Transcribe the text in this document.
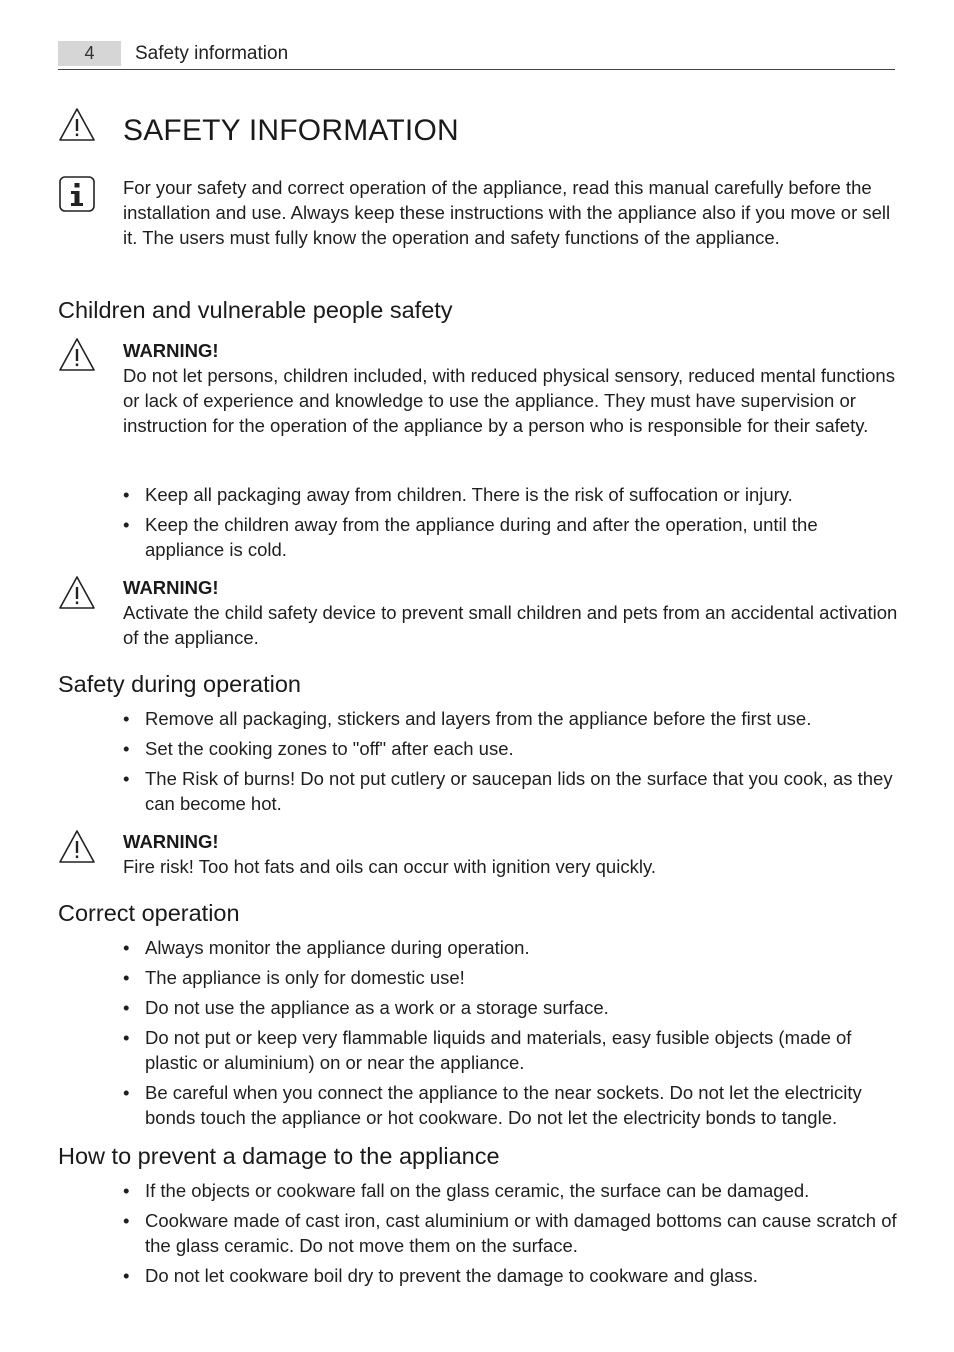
4	Safety information
SAFETY INFORMATION
For your safety and correct operation of the appliance, read this manual carefully before the installation and use. Always keep these instructions with the appliance also if you move or sell it. The users must fully know the operation and safety functions of the appliance.
Children and vulnerable people safety
WARNING!
Do not let persons, children included, with reduced physical sensory, reduced mental functions or lack of experience and knowledge to use the appliance. They must have supervision or instruction for the operation of the appliance by a person who is responsible for their safety.
• Keep all packaging away from children. There is the risk of suffocation or injury.
• Keep the children away from the appliance during and after the operation, until the appliance is cold.
WARNING!
Activate the child safety device to prevent small children and pets from an accidental activation of the appliance.
Safety during operation
• Remove all packaging, stickers and layers from the appliance before the first use.
• Set the cooking zones to "off" after each use.
• The Risk of burns! Do not put cutlery or saucepan lids on the surface that you cook, as they can become hot.
WARNING!
Fire risk! Too hot fats and oils can occur with ignition very quickly.
Correct operation
• Always monitor the appliance during operation.
• The appliance is only for domestic use!
• Do not use the appliance as a work or a storage surface.
• Do not put or keep very flammable liquids and materials, easy fusible objects (made of plastic or aluminium) on or near the appliance.
• Be careful when you connect the appliance to the near sockets. Do not let the electricity bonds touch the appliance or hot cookware. Do not let the electricity bonds to tangle.
How to prevent a damage to the appliance
• If the objects or cookware fall on the glass ceramic, the surface can be damaged.
• Cookware made of cast iron, cast aluminium or with damaged bottoms can cause scratch of the glass ceramic. Do not move them on the surface.
• Do not let cookware boil dry to prevent the damage to cookware and glass.
